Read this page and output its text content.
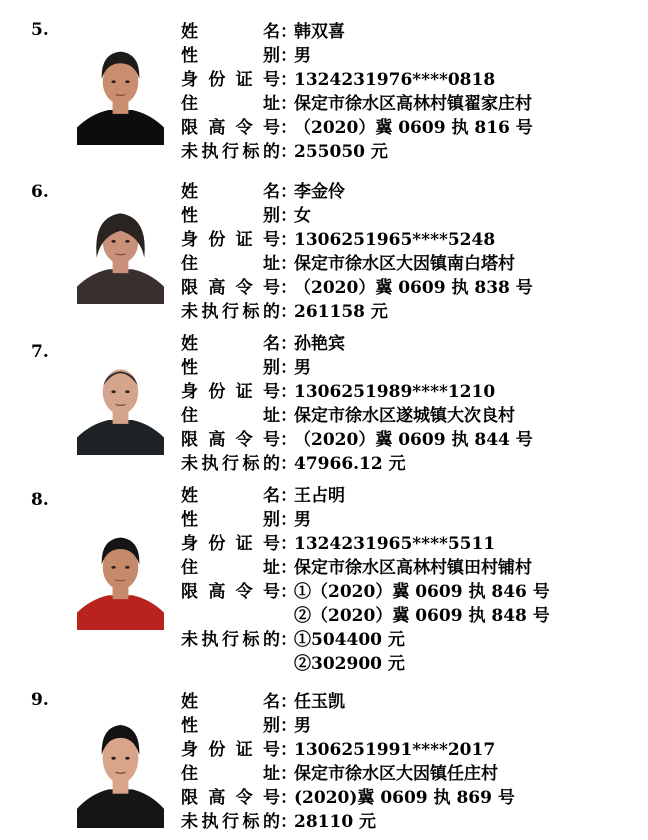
5.	姓	名 ：
韩双喜
性	别 ：
男
身 份 证 号 ：
1324231976****0818
住	址 ：
保定市徐水区高林村镇翟家庄村
限 高 令 号 ：
（2020）冀 0609 执 816 号
未 执 行 标 的 ：
255050 元
6.	姓	名 ：
李金伶
性	别 ：
女
身 份 证 号 ：
1306251965****5248
住	址 ：
保定市徐水区大因镇南白塔村
限 高 令 号 ：
（2020）冀 0609 执 838 号
未 执 行 标 的 ：
261158 元
7.	姓	名 ：
孙艳宾
性	别 ：
男
身 份 证 号 ：
1306251989****1210
住	址 ：
保定市徐水区遂城镇大次良村
限 高 令 号 ：
（2020）冀 0609 执 844 号
未 执 行 标 的 ：
47966.12 元
8.	姓	名 ：
王占明
性	别 ：
男
身 份 证 号 ：
1324231965****5511
住	址 ：
保定市徐水区高林村镇田村铺村
限 高 令 号 ：
①（2020）冀 0609 执 846 号
②（2020）冀 0609 执 848 号
未 执 行 标 的 ：
①504400 元
②302900 元
9.	姓	名 ：
任玉凯
性	别 ：
男
身 份 证 号 ：
1306251991****2017
住	址 ：
保定市徐水区大因镇任庄村
限 高 令 号 ：
(2020)冀 0609 执 869 号
未 执 行 标 的 ：
28110 元
